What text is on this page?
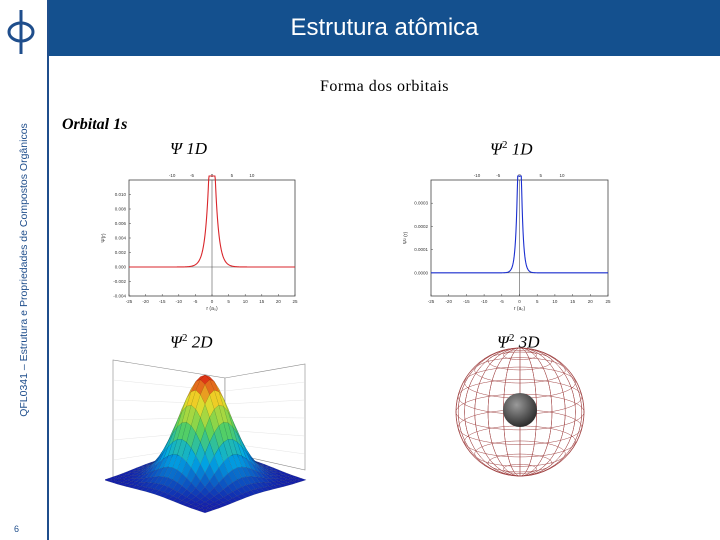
QFL0341 – Estrutura e Propriedades de Compostos Orgânicos
6
Estrutura atômica
Forma dos orbitais
Orbital 1s
Ψ 1D	$\Psi^2$ 1D
$\Psi^2$ 2D	$\Psi^2$ 3D
-25 -20 -15 -10	-5	0	5	10	15	20	25
-0.004
-0.002
0.000
0.002
0.004
0.006
0.008
0.010
-10	-5	0	5	10
r (a₀)
Ψ(r)
-25 -20 -15 -10	-5	0	5	10	15	20	25
0.0000
0.0001
0.0002
0.0003
-10	-5	0	5	10
r (a₀)
Ψ² (r)
